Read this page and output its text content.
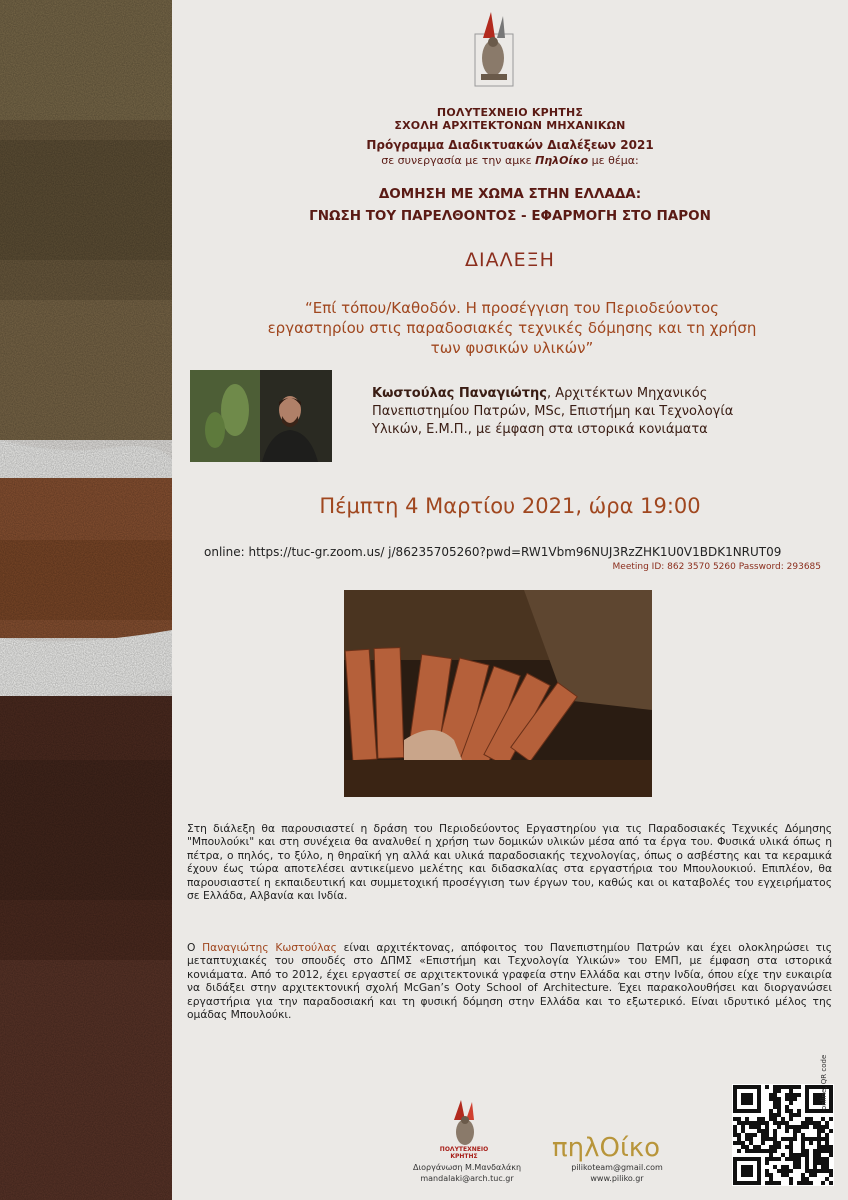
ΠΟΛΥΤΕΧΝΕΙΟ ΚΡΗΤΗΣ
ΣΧΟΛΗ ΑΡΧΙΤΕΚΤΟΝΩΝ ΜΗΧΑΝΙΚΩΝ
Πρόγραμμα Διαδικτυακών Διαλέξεων 2021
σε συνεργασία με την αμκε ΠηλΟίκο με θέμα:
ΔΟΜΗΣΗ ΜΕ ΧΩΜΑ ΣΤΗΝ ΕΛΛΑΔΑ:
ΓΝΩΣΗ ΤΟΥ ΠΑΡΕΛΘΟΝΤΟΣ - ΕΦΑΡΜΟΓΗ ΣΤΟ ΠΑΡΟΝ
ΔΙΑΛΕΞΗ
“Επί τόπου/Καθοδόν. Η προσέγγιση του Περιοδεύοντος
εργαστηρίου στις παραδοσιακές τεχνικές δόμησης και τη χρήση
των φυσικών υλικών”
Κωστούλας Παναγιώτης, Αρχιτέκτων Μηχανικός
Πανεπιστημίου Πατρών, MSc, Επιστήμη και Τεχνολογία
Υλικών, Ε.Μ.Π., με έμφαση στα ιστορικά κονιάματα
Πέμπτη 4 Μαρτίου 2021, ώρα 19:00
online: https://tuc-gr.zoom.us/ j/86235705260?pwd=RW1Vbm96NUJ3RzZHK1U0V1BDK1NRUT09
Meeting ID: 862 3570 5260 Password: 293685
Στη διάλεξη θα παρουσιαστεί η δράση του Περιοδεύοντος Εργαστηρίου για τις Παραδοσιακές Τεχνικές Δόμησης "Μπουλούκι" και στη συνέχεια θα αναλυθεί η χρήση των δομικών υλικών μέσα από τα έργα του. Φυσικά υλικά όπως η πέτρα, ο πηλός, το ξύλο, η θηραϊκή γη αλλά και υλικά παραδοσιακής τεχνολογίας, όπως ο ασβέστης και τα κεραμικά έχουν έως τώρα αποτελέσει αντικείμενο μελέτης και διδασκαλίας στα εργαστήρια του Μπουλουκιού. Επιπλέον, θα παρουσιαστεί η εκπαιδευτική και συμμετοχική προσέγγιση των έργων του, καθώς και οι καταβολές του εγχειρήματος σε Ελλάδα, Αλβανία και Ινδία.
Ο Παναγιώτης Κωστούλας είναι αρχιτέκτονας, απόφοιτος του Πανεπιστημίου Πατρών και έχει ολοκληρώσει τις μεταπτυχιακές του σπουδές στο ΔΠΜΣ «Επιστήμη και Τεχνολογία Υλικών» του ΕΜΠ, με έμφαση στα ιστορικά κονιάματα. Από το 2012, έχει εργαστεί σε αρχιτεκτονικά γραφεία στην Ελλάδα και στην Ινδία, όπου είχε την ευκαιρία να διδάξει στην αρχιτεκτονική σχολή McGan’s Ooty School of Architecture. Έχει παρακολουθήσει και διοργανώσει εργαστήρια για την παραδοσιακή και τη φυσική δόμηση στην Ελλάδα και το εξωτερικό. Είναι ιδρυτικό μέλος της ομάδας Μπουλούκι.
ΠΟΛΥΤΕΧΝΕΙΟ ΚΡΗΤΗΣ
Διοργάνωση Μ.Μανδαλάκη
mandalaki@arch.tuc.gr
πηλΟίκο
pilikoteam@gmail.com
www.piliko.gr
online, QR code
